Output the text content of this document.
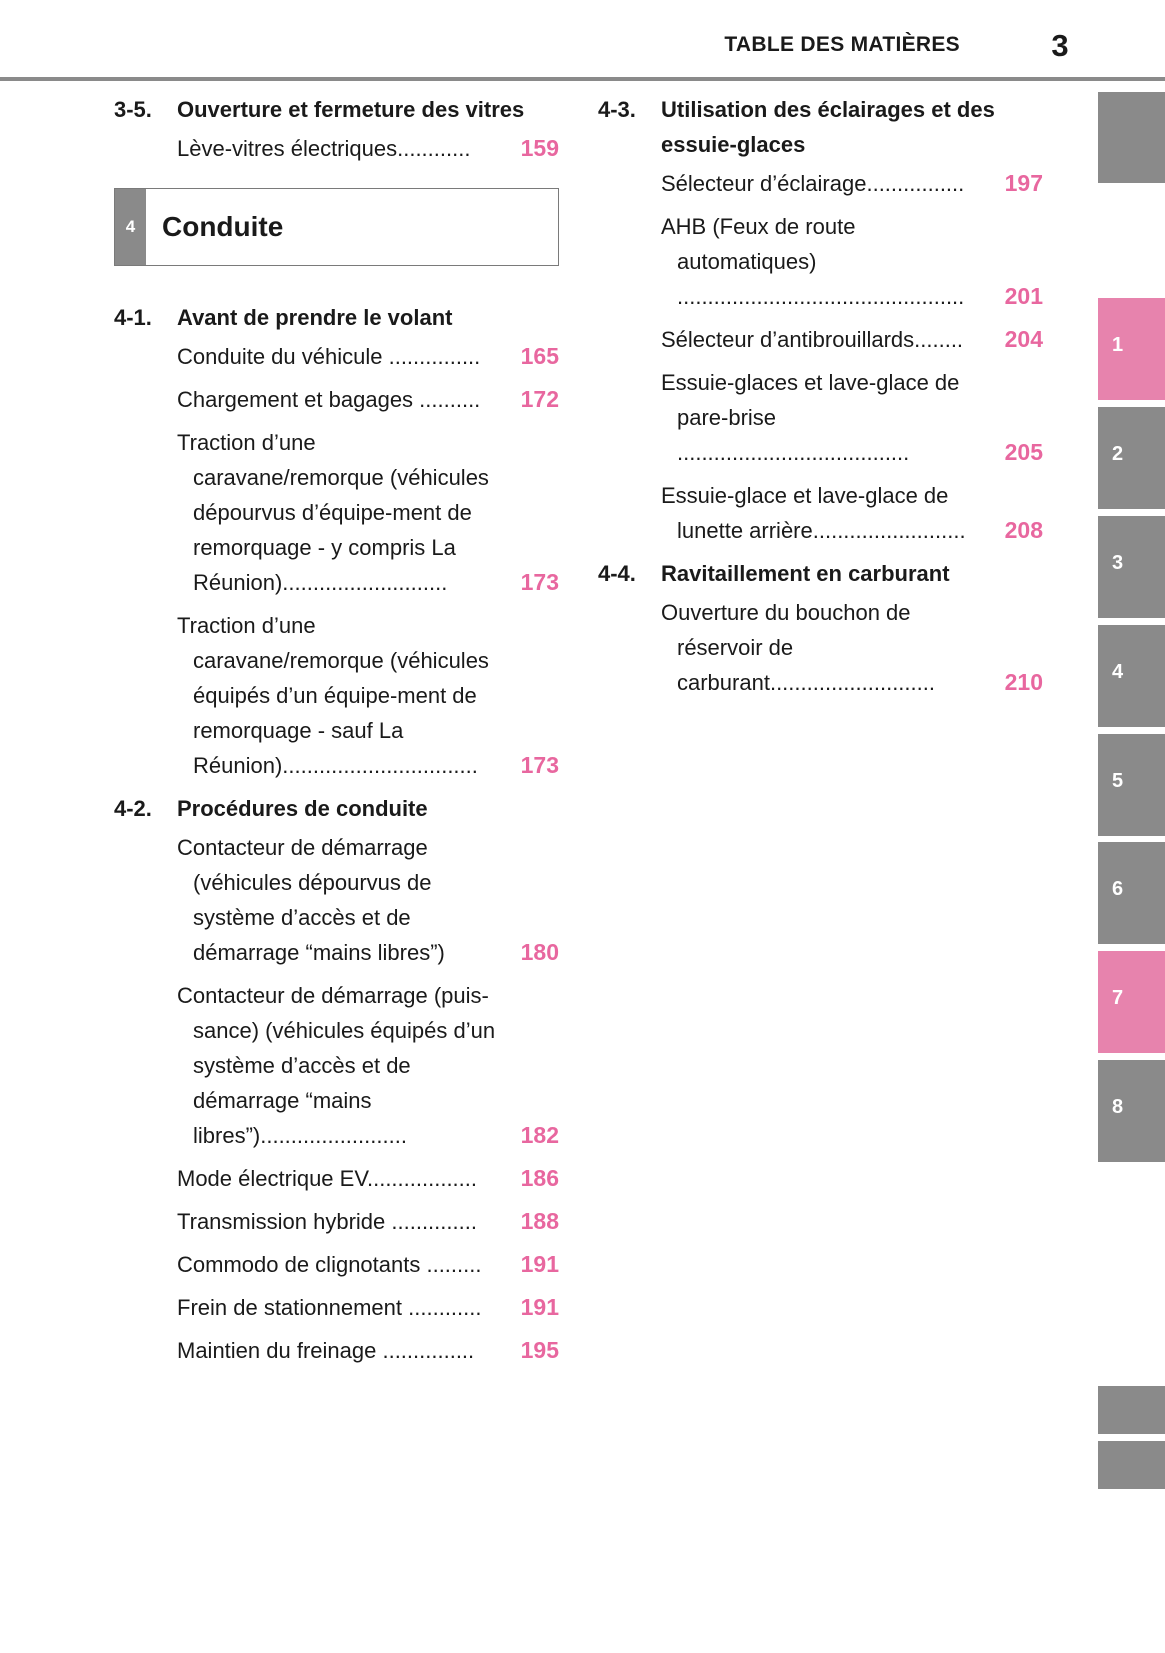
TABLE DES MATIÈRES	3
3-5.	Ouverture et fermeture des vitres
Lève-vitres électriques............ 159
4 Conduite
4-1.	Avant de prendre le volant
Conduite du véhicule ............... 165
Chargement et bagages .......... 172
Traction d’une caravane/remorque (véhicules dépourvus d’équipe-ment de remorquage - y compris La Réunion)...........................	173
Traction d’une caravane/remorque (véhicules équipés d’un équipe-ment de remorquage - sauf La Réunion)................................ 173
4-2.	Procédures de conduite
Contacteur de démarrage (véhicules dépourvus de système d’accès et de démarrage “mains libres”)	180
Contacteur de démarrage (puis-sance) (véhicules équipés d’un système d’accès et de démarrage “mains libres”)........................	182
Mode électrique EV.................. 186
Transmission hybride .............. 188
Commodo de clignotants ......... 191
Frein de stationnement ............ 191
Maintien du freinage ............... 195
4-3.	Utilisation des éclairages et des essuie-glaces
Sélecteur d’éclairage................ 197
AHB (Feux de route automatiques) ............................................... 201
Sélecteur d’antibrouillards........ 204
Essuie-glaces et lave-glace de pare-brise ......................................	205
Essuie-glace et lave-glace de lunette arrière......................... 208
4-4.	Ravitaillement en carburant
Ouverture du bouchon de réservoir de carburant...........................	210
1
2
3
4
5
6
7
8
